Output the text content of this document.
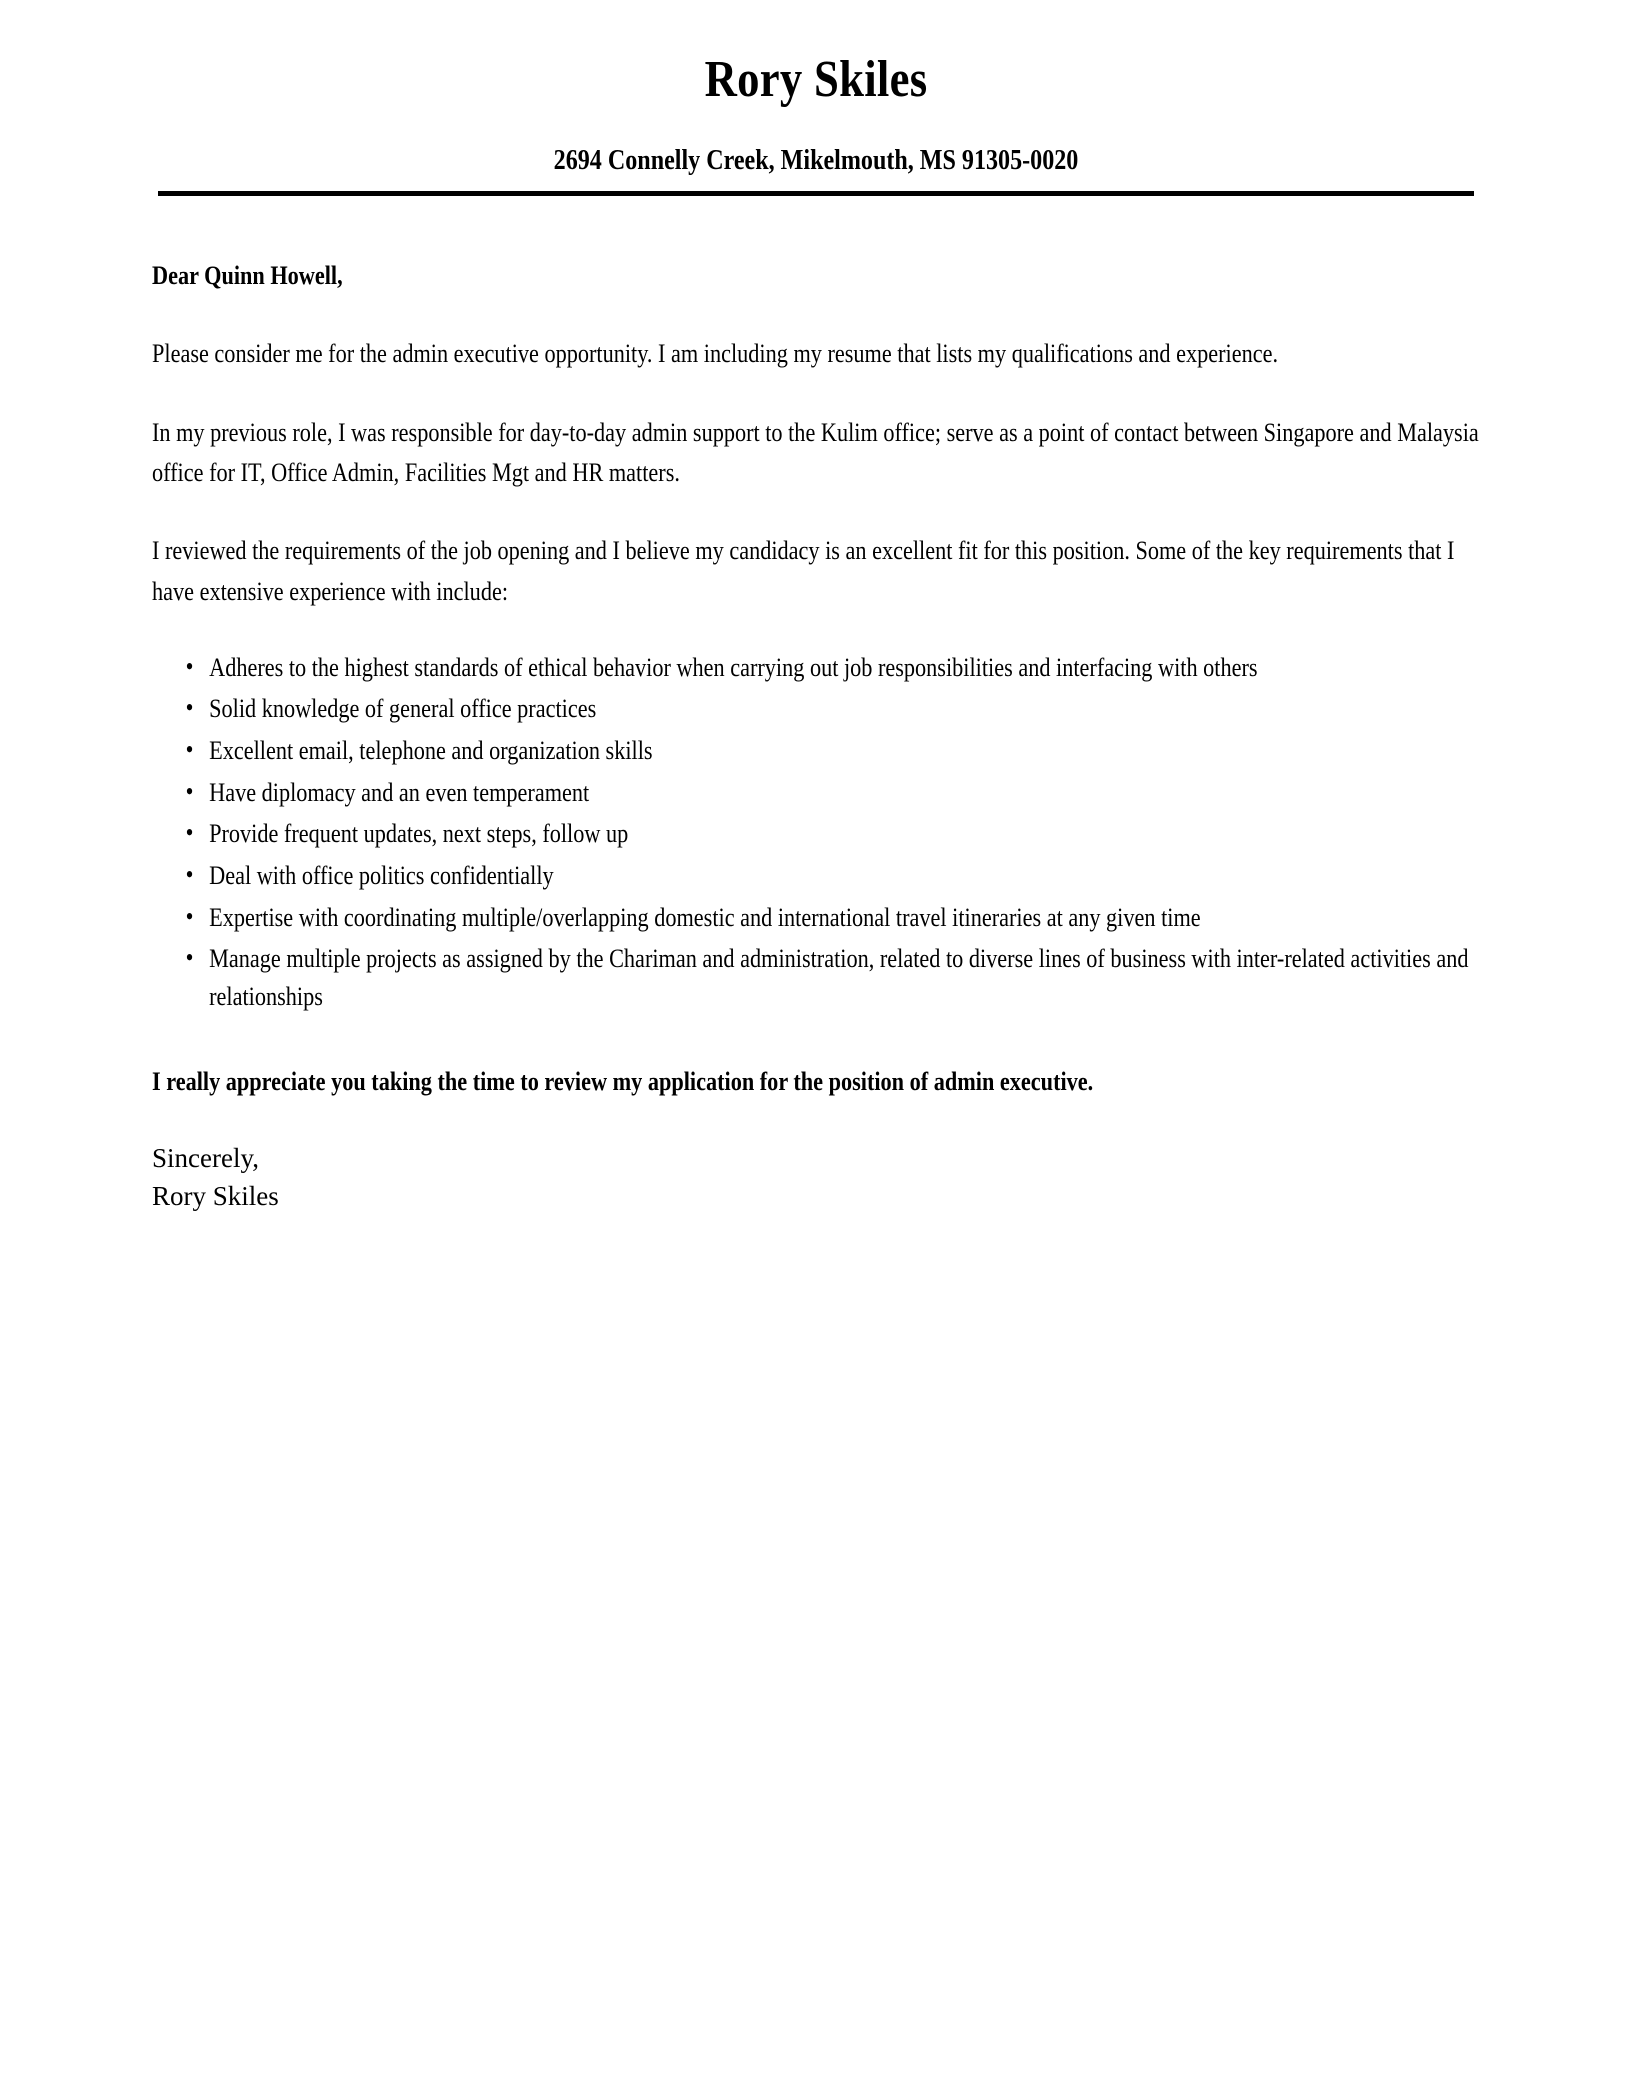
Rory Skiles
2694 Connelly Creek, Mikelmouth, MS 91305-0020
Dear Quinn Howell,

Please consider me for the admin executive opportunity. I am including my resume that lists my qualifications and experience.

In my previous role, I was responsible for day-to-day admin support to the Kulim office; serve as a point of contact between Singapore and Malaysia office for IT, Office Admin, Facilities Mgt and HR matters.

I reviewed the requirements of the job opening and I believe my candidacy is an excellent fit for this position. Some of the key requirements that I have extensive experience with include:

• Adheres to the highest standards of ethical behavior when carrying out job responsibilities and interfacing with others
• Solid knowledge of general office practices
• Excellent email, telephone and organization skills
• Have diplomacy and an even temperament
• Provide frequent updates, next steps, follow up
• Deal with office politics confidentially
• Expertise with coordinating multiple/overlapping domestic and international travel itineraries at any given time
• Manage multiple projects as assigned by the Chariman and administration, related to diverse lines of business with inter-related activities and relationships
I really appreciate you taking the time to review my application for the position of admin executive.
Sincerely,
Rory Skiles
